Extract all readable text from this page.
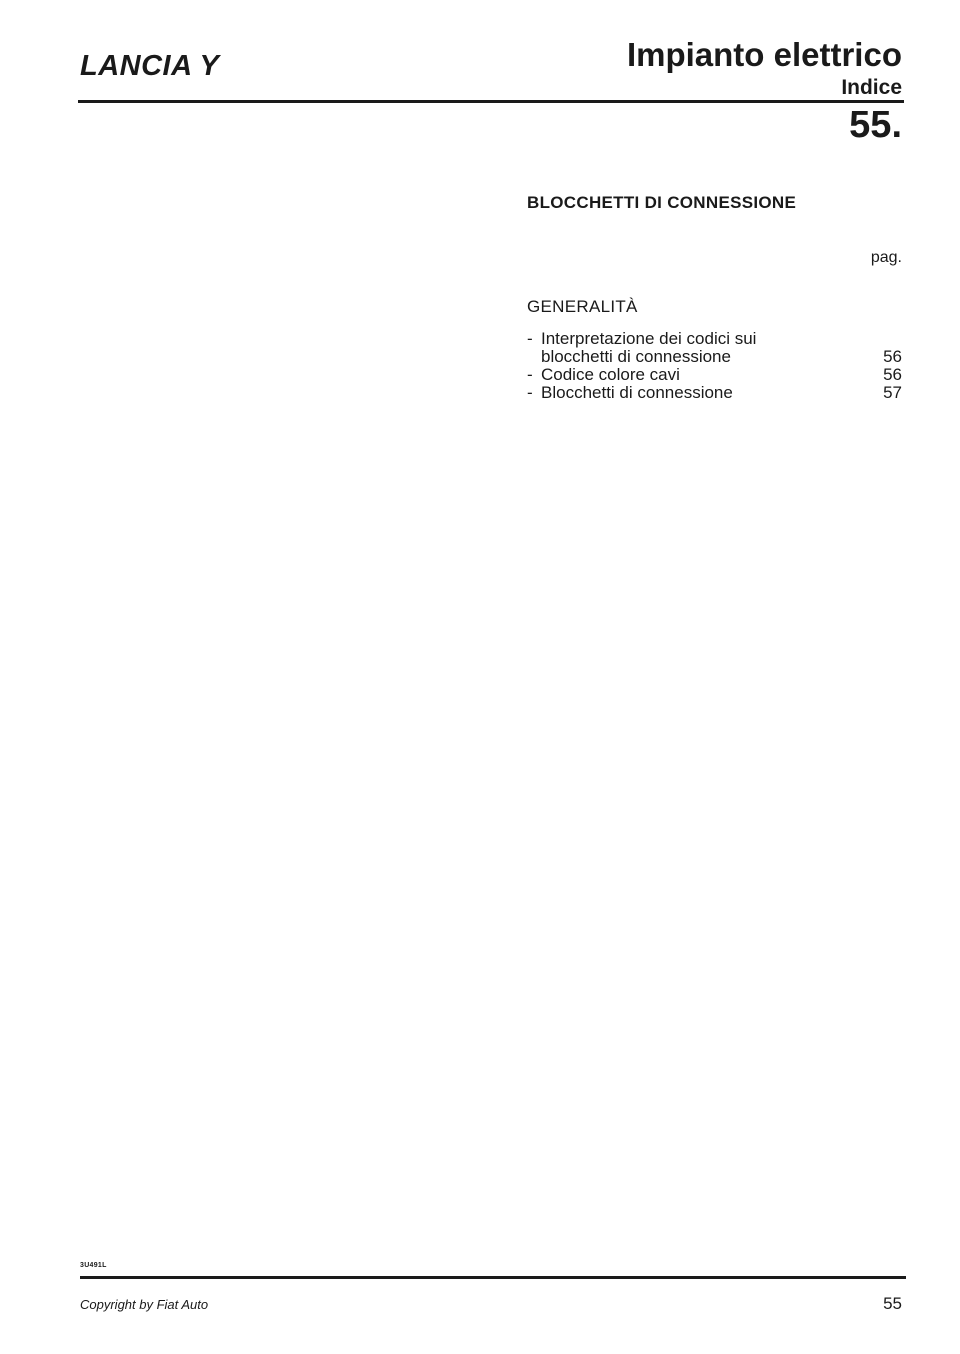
LANCIA Y	Impianto elettrico
Indice
55.
BLOCCHETTI DI CONNESSIONE
pag.
GENERALITÀ
- Interpretazione dei codici sui
blocchetti di connessione	56
- Codice colore cavi	56
- Blocchetti di connessione	57
3U491L
Copyright by Fiat Auto	55
